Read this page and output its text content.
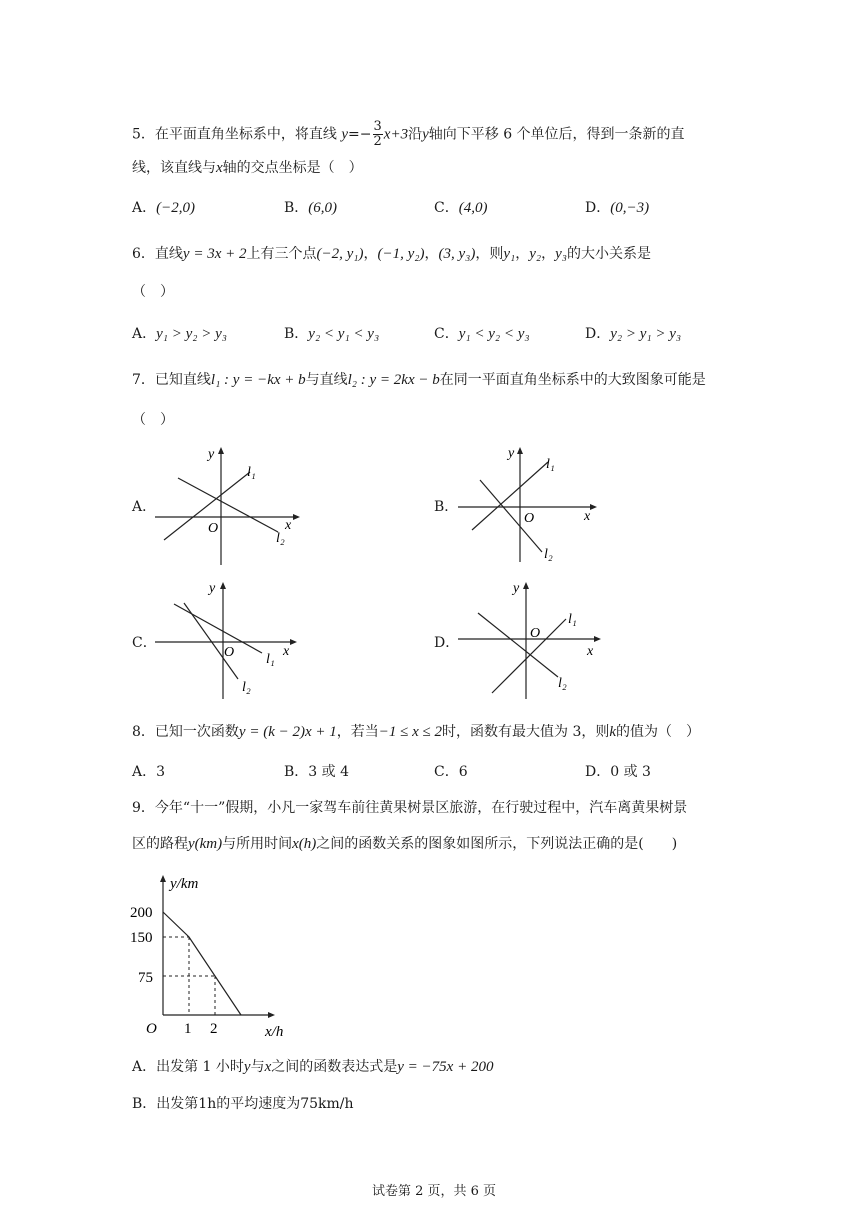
5．在平面直角坐标系中，将直线 $y=- \frac{3}{2} x+3$沿y轴向下平移 6 个单位后，得到一条新的直
线，该直线与x轴的交点坐标是（　）
A．(−2,0)	B．(6,0)	C．(4,0)	D．(0,−3)
6．直线y = 3x + 2上有三个点(−2, y₁)，(−1, y₂)，(3, y₃)，则y₁，y₂，y₃的大小关系是
（　）
A．y₁ > y₂ > y₃	B．y₂ < y₁ < y₃	C．y₁ < y₂ < y₃	D．y₂ > y₁ > y₃
7．已知直线l₁ : y = −kx + b与直线l₂ : y = 2kx − b在同一平面直角坐标系中的大致图象可能是
（　）
A．
y
x
O
l₁
l₂
B．
y
x
O
l₁
l₂
C．
y
x
O l₁
l₂
D．
y
x
O
l₁
l₂
8．已知一次函数y = (k − 2)x + 1，若当−1 ≤ x ≤ 2时，函数有最大值为 3，则k的值为（　）
A．3	B．3 或 4	C．6	D．0 或 3
9．今年“十一”假期，小凡一家驾车前往黄果树景区旅游，在行驶过程中，汽车离黄果树景
区的路程y(km)与所用时间x(h)之间的函数关系的图象如图所示，下列说法正确的是(　　)
y/km
x/h
O
200
150
75
1 2
A．出发第 1 小时y与x之间的函数表达式是y = −75x + 200
B．出发第1h的平均速度为75km/h
试卷第 2 页，共 6 页
